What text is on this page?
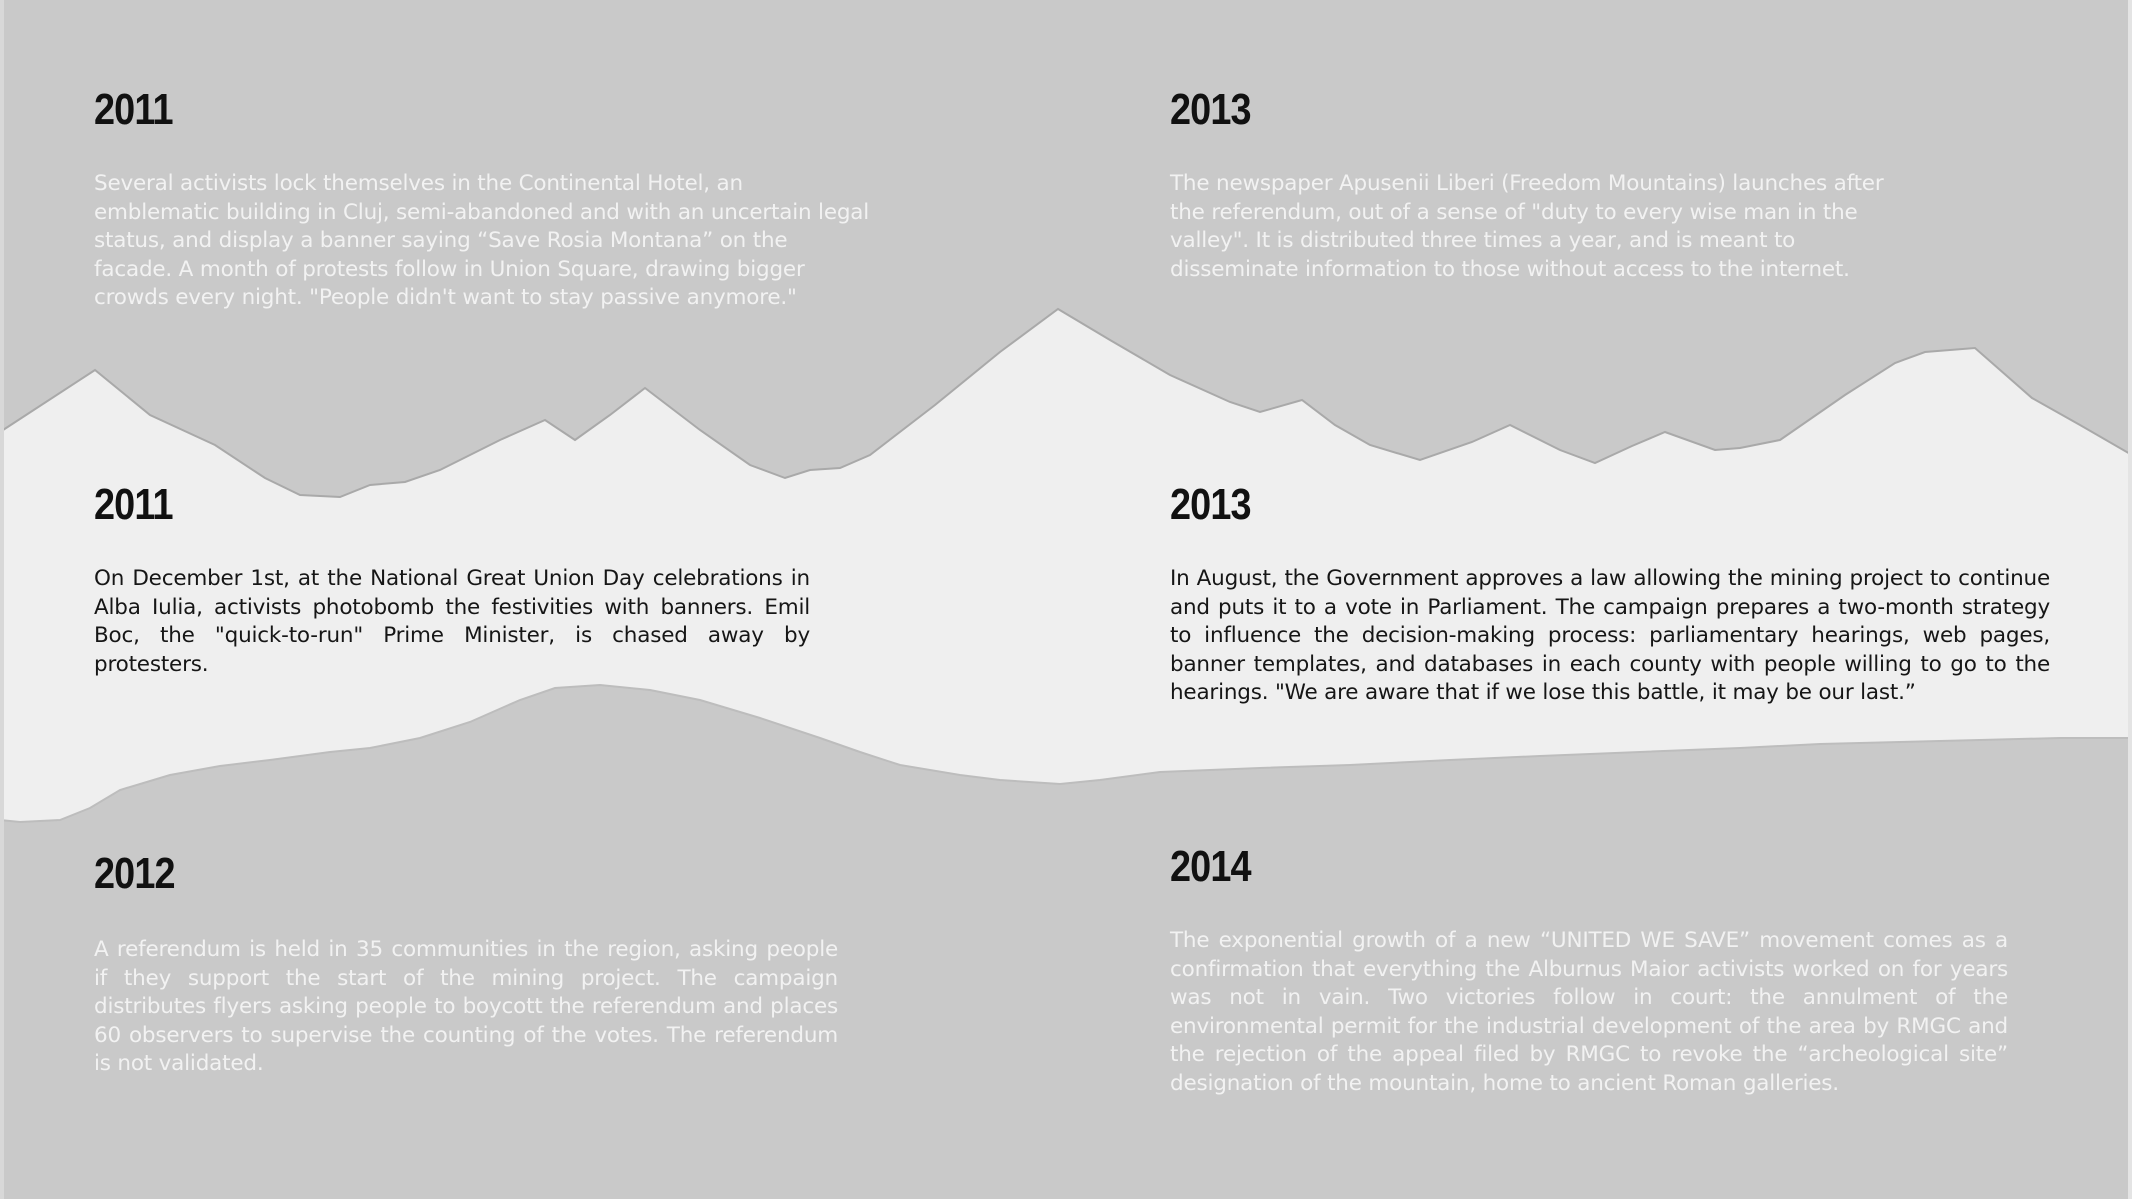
2011

Several activists lock themselves in the Continental Hotel, an emblematic building in Cluj, semi-abandoned and with an uncertain legal status, and display a banner saying “Save Rosia Montana” on the facade. A month of protests follow in Union Square, drawing bigger crowds every night. "People didn't want to stay passive anymore."

2013

The newspaper Apusenii Liberi (Freedom Mountains) launches after the referendum, out of a sense of "duty to every wise man in the valley". It is distributed three times a year, and is meant to disseminate information to those without access to the internet.

2011

On December 1st, at the National Great Union Day celebrations in Alba Iulia, activists photobomb the festivities with banners. Emil Boc, the "quick-to-run" Prime Minister, is chased away by protesters.

2013

In August, the Government approves a law allowing the mining project to continue and puts it to a vote in Parliament. The campaign prepares a two-month strategy to influence the decision-making process: parliamentary hearings, web pages, banner templates, and databases in each county with people willing to go to the hearings. "We are aware that if we lose this battle, it may be our last.”

2012

A referendum is held in 35 communities in the region, asking people if they support the start of the mining project. The campaign distributes flyers asking people to boycott the referendum and places 60 observers to supervise the counting of the votes. The referendum is not validated.

2014

The exponential growth of a new “UNITED WE SAVE” movement comes as a confirmation that everything the Alburnus Maior activists worked on for years was not in vain. Two victories follow in court: the annulment of the environmental permit for the industrial development of the area by RMGC and the rejection of the appeal filed by RMGC to revoke the “archeological site” designation of the mountain, home to ancient Roman galleries.
